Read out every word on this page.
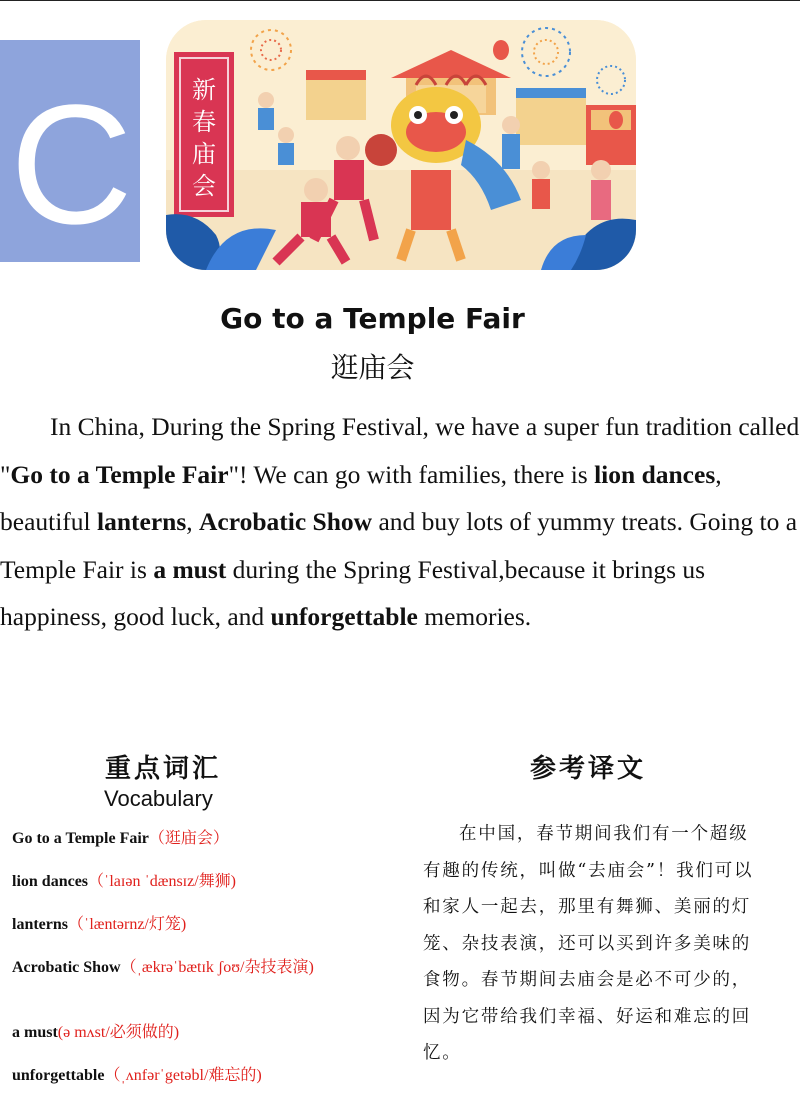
C 新
春
庙
会
Go to a Temple Fair
逛庙会

In China, During the Spring Festival, we have a super fun tradition called "Go to a Temple Fair"! We can go with families, there is lion dances, beautiful lanterns, Acrobatic Show and buy lots of yummy treats. Going to a Temple Fair is a must during the Spring Festival,because it brings us happiness, good luck, and unforgettable memories.

重点词汇
Vocabulary
Go to a Temple Fair（逛庙会）
lion dances（ˈlaɪən ˈdænsɪz/舞狮)
lanterns（ˈlæntərnz/灯笼)
Acrobatic Show（ˌækrəˈbætɪk ʃoʊ/杂技表演)
a must(ə mʌst/必须做的)
unforgettable（ˌʌnfərˈgetəbl/难忘的)
参考译文

在中国，春节期间我们有一个超级有趣的传统，叫做“去庙会”！我们可以和家人一起去，那里有舞狮、美丽的灯笼、杂技表演，还可以买到许多美味的食物。春节期间去庙会是必不可少的，因为它带给我们幸福、好运和难忘的回忆。
